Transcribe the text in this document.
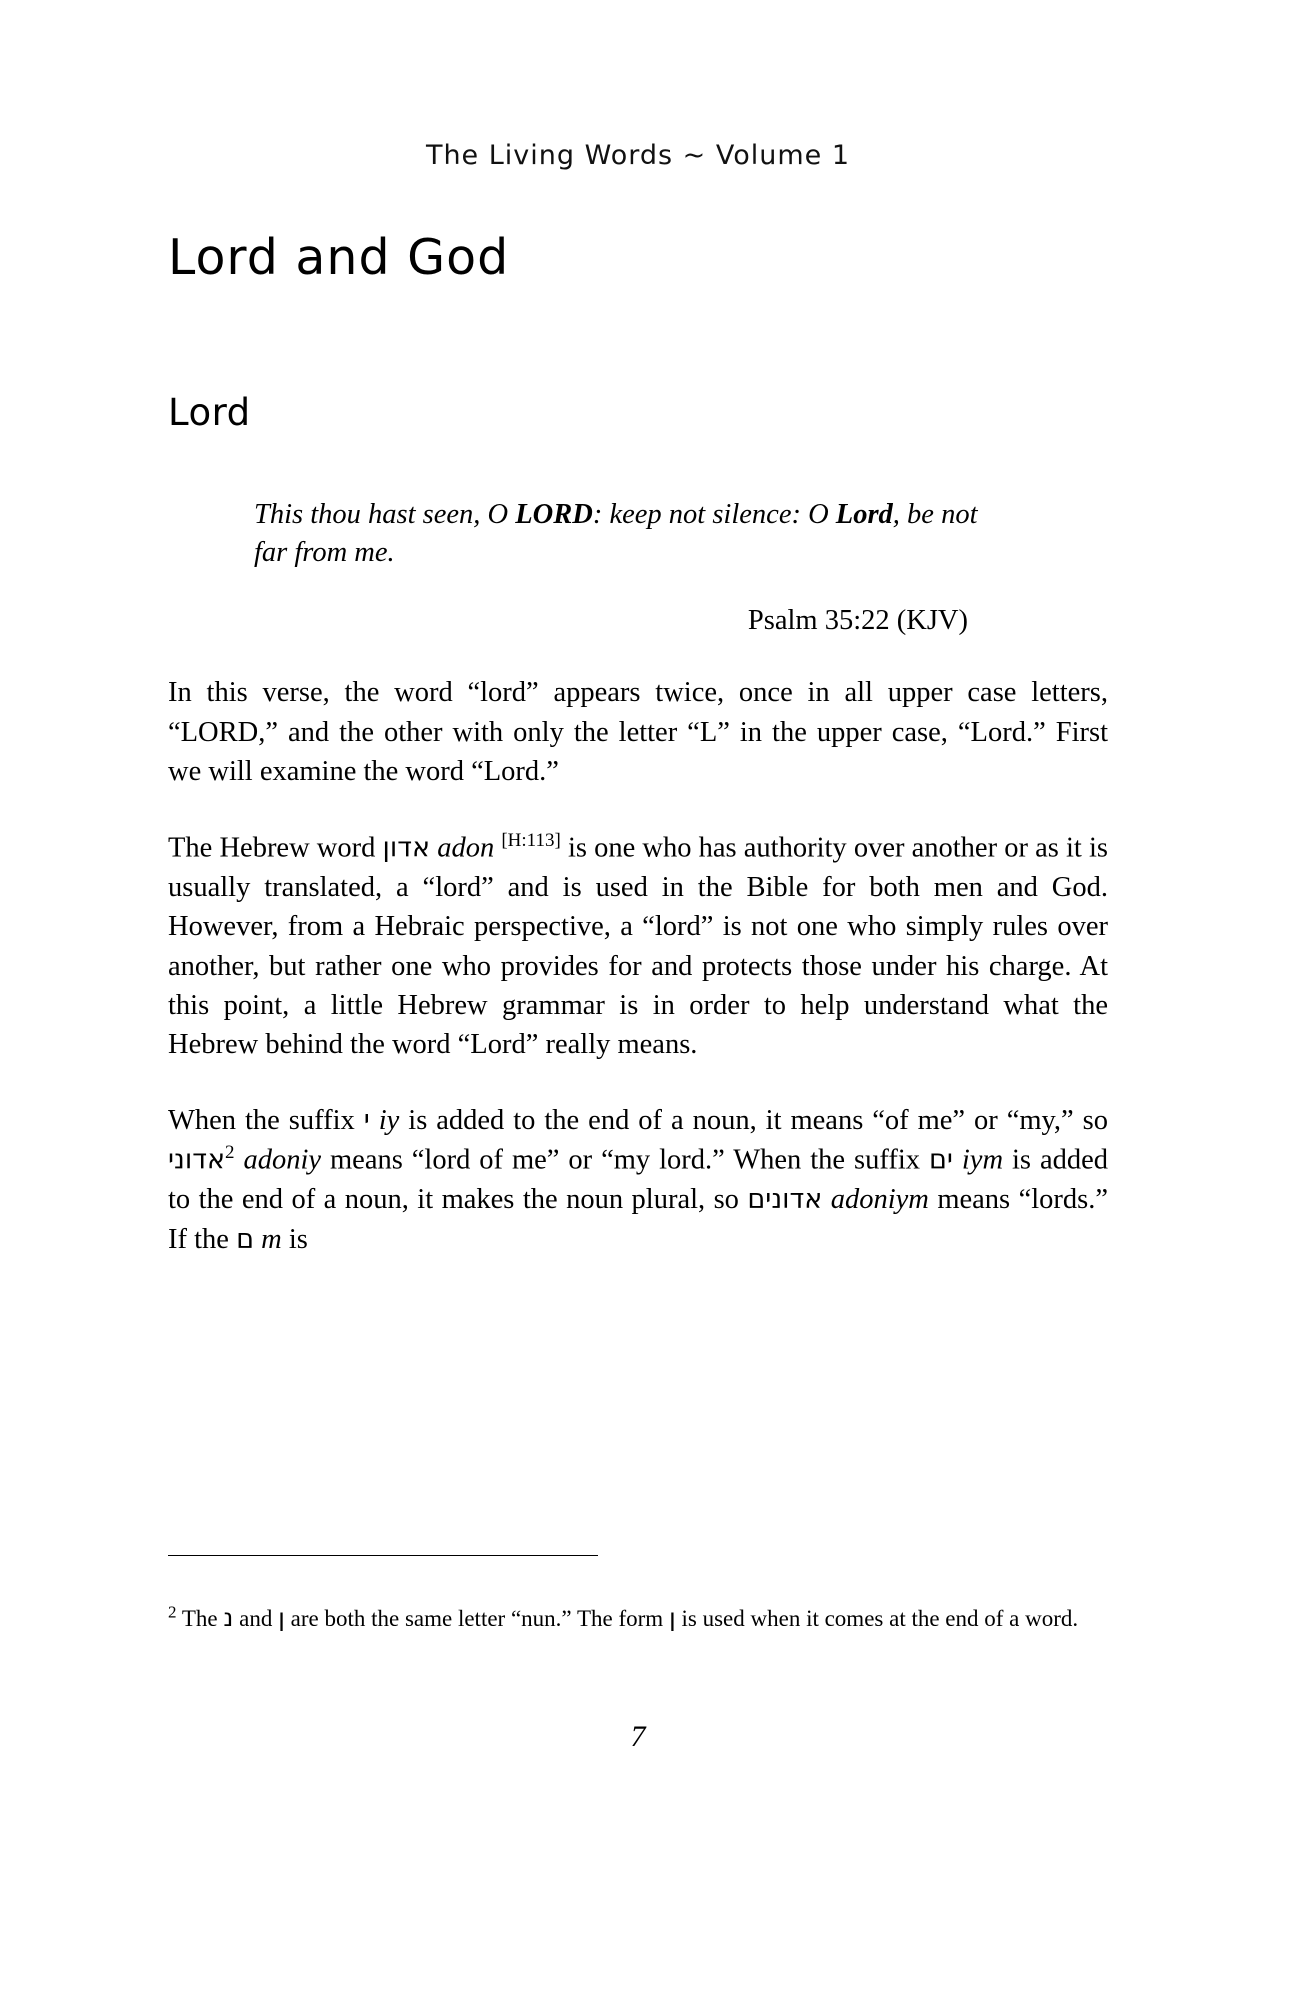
The Living Words ~ Volume 1
Lord and God
Lord
This thou hast seen, O LORD: keep not silence: O Lord, be not far from me.
Psalm 35:22 (KJV)

In this verse, the word “lord” appears twice, once in all upper case letters, “LORD,” and the other with only the letter “L” in the upper case, “Lord.” First we will examine the word “Lord.”

The Hebrew word אדון adon [H:113] is one who has authority over another or as it is usually translated, a “lord” and is used in the Bible for both men and God. However, from a Hebraic perspective, a “lord” is not one who simply rules over another, but rather one who provides for and protects those under his charge. At this point, a little Hebrew grammar is in order to help understand what the Hebrew behind the word “Lord” really means.

When the suffix י iy is added to the end of a noun, it means “of me” or “my,” so אדוני$^2$ adoniy means “lord of me” or “my lord.” When the suffix ים iym is added to the end of a noun, it makes the noun plural, so אדונים adoniym means “lords.” If the ם m is

$^2$ The נ and ן are both the same letter “nun.” The form ן is used when it comes at the end of a word.
7
